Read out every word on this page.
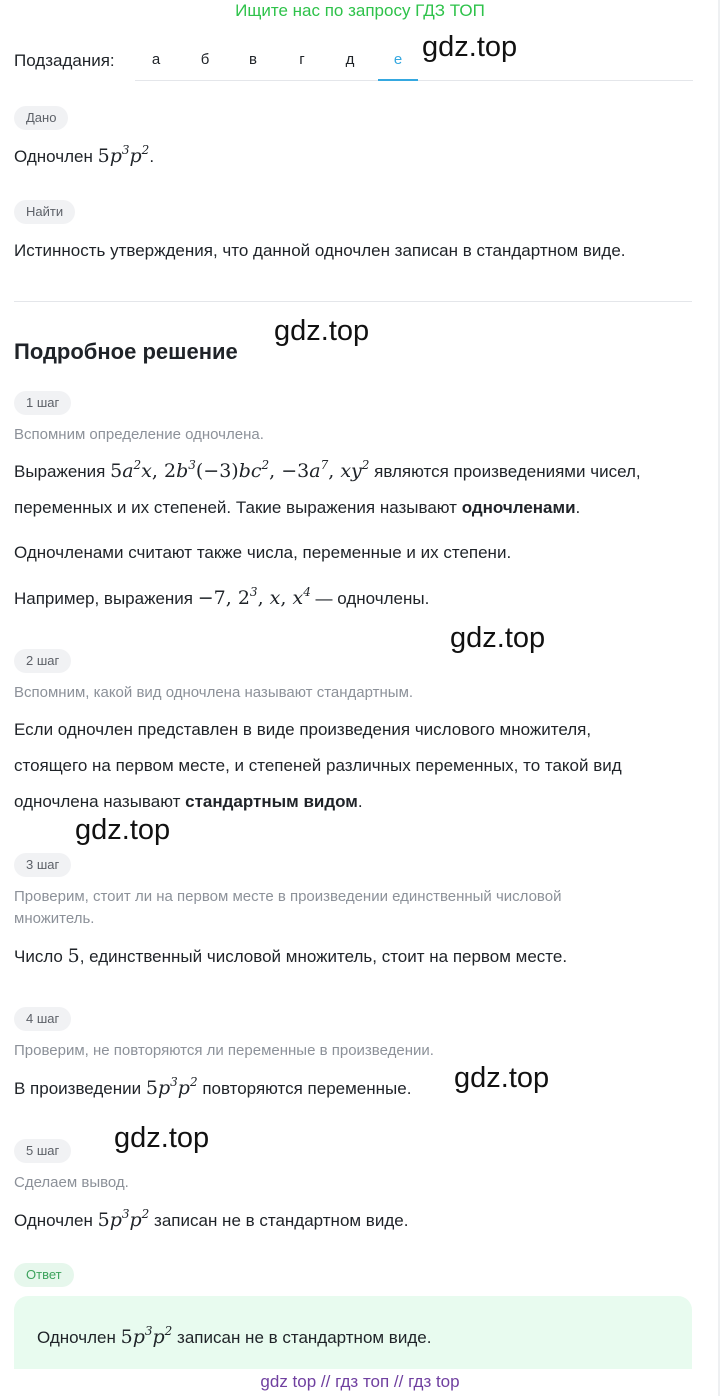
Ищите нас по запросу ГДЗ ТОП
Подзадания:	а	б	в	г	д	е
Дано
Одночлен $5p^3p^2$.
Найти
Истинность утверждения, что данной одночлен записан в стандартном виде.
Подробное решение
1 шаг
Вспомним определение одночлена.
Выражения $5a^2x$, $2b^3(-3)bc^2$, $-3a^7$, $xy^2$ являются произведениями чисел,
переменных и их степеней. Такие выражения называют одночленами.
Одночленами считают также числа, переменные и их степени.
Например, выражения −7, $2^3$, x, $x^4$ — одночлены.
2 шаг
Вспомним, какой вид одночлена называют стандартным.
Если одночлен представлен в виде произведения числового множителя,
стоящего на первом месте, и степеней различных переменных, то такой вид
одночлена называют стандартным видом.
3 шаг
Проверим, стоит ли на первом месте в произведении единственный числовой
множитель.
Число 5, единственный числовой множитель, стоит на первом месте.
4 шаг
Проверим, не повторяются ли переменные в произведении.
В произведении $5p^3p^2$ повторяются переменные.
5 шаг
Сделаем вывод.
Одночлен $5p^3p^2$ записан не в стандартном виде.
Ответ
Одночлен $5p^3p^2$ записан не в стандартном виде.
gdz.top
gdz.top
gdz.top
gdz.top
gdz.top
gdz.top
gdz top // гдз топ // гдз top
